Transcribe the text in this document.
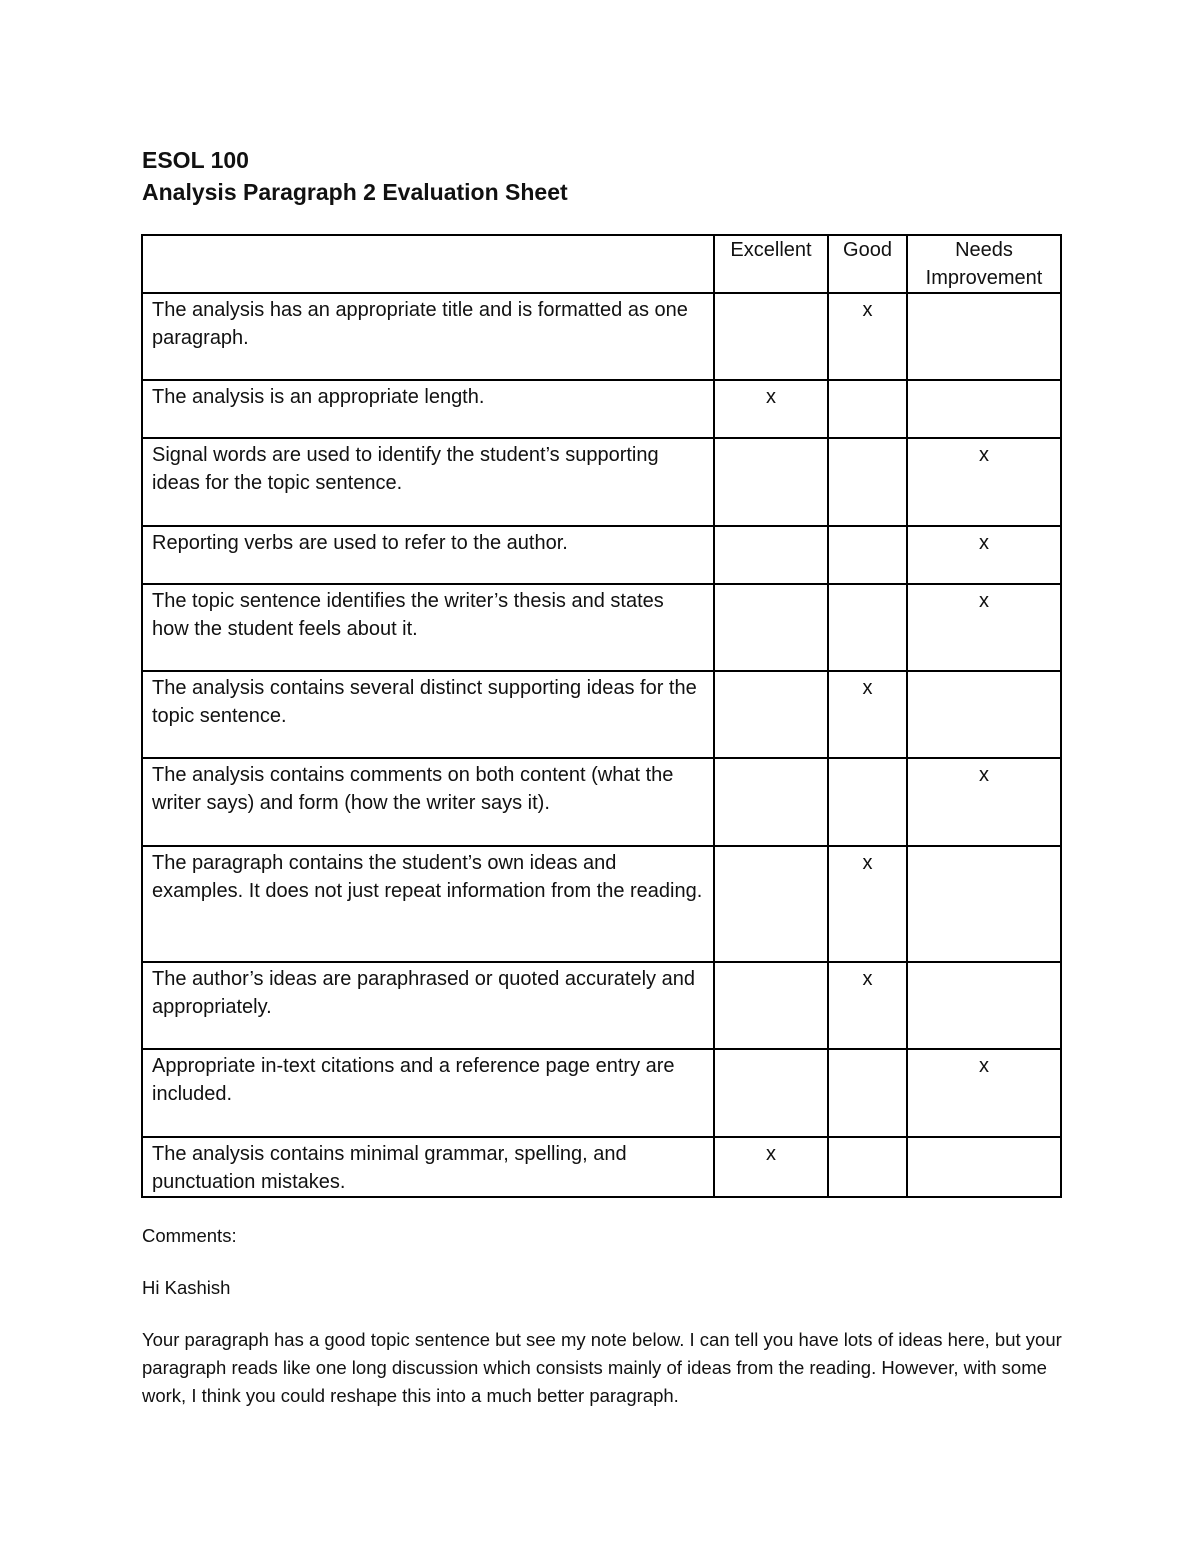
ESOL 100
Analysis Paragraph 2 Evaluation Sheet
	Excellent	Good	Needs Improvement
The analysis has an appropriate title and is formatted as one paragraph.		x	
The analysis is an appropriate length.	x		
Signal words are used to identify the student’s supporting ideas for the topic sentence.			x
Reporting verbs are used to refer to the author.			x
The topic sentence identifies the writer’s thesis and states how the student feels about it.			x
The analysis contains several distinct supporting ideas for the topic sentence.		x	
The analysis contains comments on both content (what the writer says) and form (how the writer says it).			x
The paragraph contains the student’s own ideas and examples. It does not just repeat information from the reading.		x	
The author’s ideas are paraphrased or quoted accurately and appropriately.		x	
Appropriate in-text citations and a reference page entry are included.			x
The analysis contains minimal grammar, spelling, and punctuation mistakes.	x		

Comments:

Hi Kashish

Your paragraph has a good topic sentence but see my note below. I can tell you have lots of ideas here, but your paragraph reads like one long discussion which consists mainly of ideas from the reading. However, with some work, I think you could reshape this into a much better paragraph.
